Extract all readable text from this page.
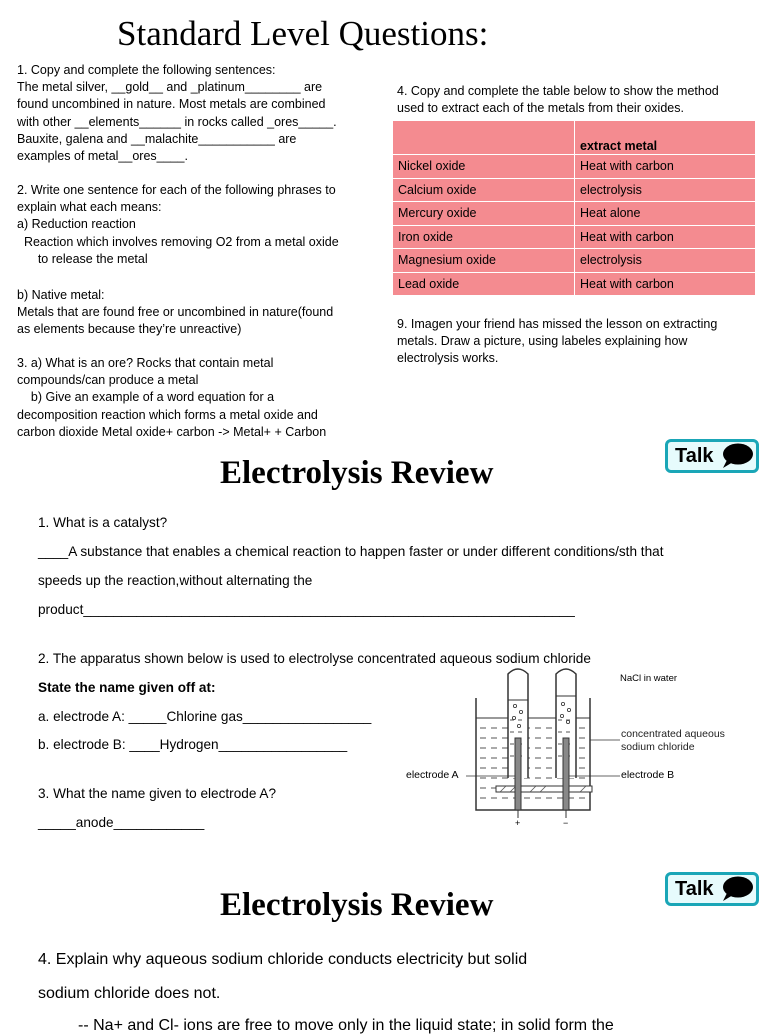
Standard Level Questions:
1. Copy and complete the following sentences:
The metal silver, __gold__ and _platinum________ are
found uncombined in nature. Most metals are combined
with other __elements______ in rocks called _ores_____.
Bauxite, galena and __malachite___________ are
examples of metal__ores____.
2. Write one sentence for each of the following phrases to
explain what each means:
a) Reduction reaction
Reaction which involves removing O2 from a metal oxide
to release the metal
b) Native metal:
Metals that are found free or uncombined in nature(found
as elements because they’re unreactive)
3. a) What is an ore? Rocks that contain metal
compounds/can produce a metal
b) Give an example of a word equation for a
decomposition reaction which forms a metal oxide and
carbon dioxide Metal oxide+ carbon -> Metal+ + Carbon
4. Copy and complete the table below to show the method
used to extract each of the metals from their oxides.
	extract metal
Nickel oxide	Heat with carbon
Calcium oxide	electrolysis
Mercury oxide	Heat alone
Iron oxide	Heat with carbon
Magnesium oxide	electrolysis
Lead oxide	Heat with carbon
9. Imagen your friend has missed the lesson on extracting
metals. Draw a picture, using labeles explaining how
electrolysis works.
Talk
Electrolysis Review
1. What is a catalyst?
____A substance that enables a chemical reaction to happen faster or under different conditions/sth that
speeds up the reaction,without alternating the
product_________________________________________________________________
2. The apparatus shown below is used to electrolyse concentrated aqueous sodium chloride
State the name given off at:
a. electrode A: _____Chlorine gas_________________
b. electrode B: ____Hydrogen_________________
3. What the name given to electrode A?
_____anode____________	+	−
NaCl in water
concentrated aqueous
sodium chloride
electrode A	electrode B
Talk
Electrolysis Review
4. Explain why aqueous sodium chloride conducts electricity but solid
sodium chloride does not.
-- Na+ and Cl- ions are free to move only in the liquid state; in solid form the
